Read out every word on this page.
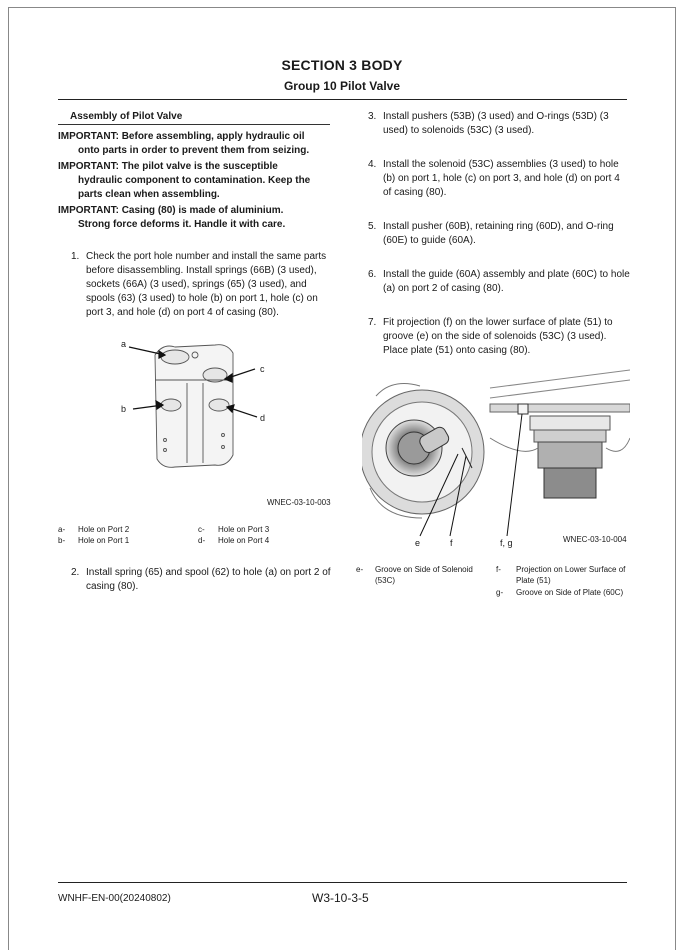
SECTION 3 BODY
Group 10 Pilot Valve
Assembly of Pilot Valve
IMPORTANT: Before assembling, apply hydraulic oil
onto parts in order to prevent them from seizing.
IMPORTANT: The pilot valve is the susceptible
hydraulic component to contamination. Keep the parts clean when assembling.
IMPORTANT: Casing (80) is made of aluminium.
Strong force deforms it. Handle it with care.
1. Check the port hole number and install the same parts before disassembling. Install springs (66B) (3 used), sockets (66A) (3 used), springs (65) (3 used), and spools (63) (3 used) to hole (b) on port 1, hole (c) on port 3, and hole (d) on port 4 of casing (80).
a
c
b
d
WNEC-03-10-003
a- Hole on Port 2
b- Hole on Port 1
c- Hole on Port 3
d- Hole on Port 4
2. Install spring (65) and spool (62) to hole (a) on port 2 of casing (80).
3. Install pushers (53B) (3 used) and O-rings (53D) (3 used) to solenoids (53C) (3 used).
4. Install the solenoid (53C) assemblies (3 used) to hole (b) on port 1, hole (c) on port 3, and hole (d) on port 4 of casing (80).
5. Install pusher (60B), retaining ring (60D), and O-ring (60E) to guide (60A).
6. Install the guide (60A) assembly and plate (60C) to hole (a) on port 2 of casing (80).
7. Fit projection (f) on the lower surface of plate (51) to groove (e) on the side of solenoids (53C) (3 used). Place plate (51) onto casing (80).
e	f	f, g	WNEC-03-10-004
e- Groove on Side of Solenoid (53C)
f- Projection on Lower Surface of Plate (51)
g- Groove on Side of Plate (60C)
WNHF-EN-00(20240802)	W3-10-3-5
